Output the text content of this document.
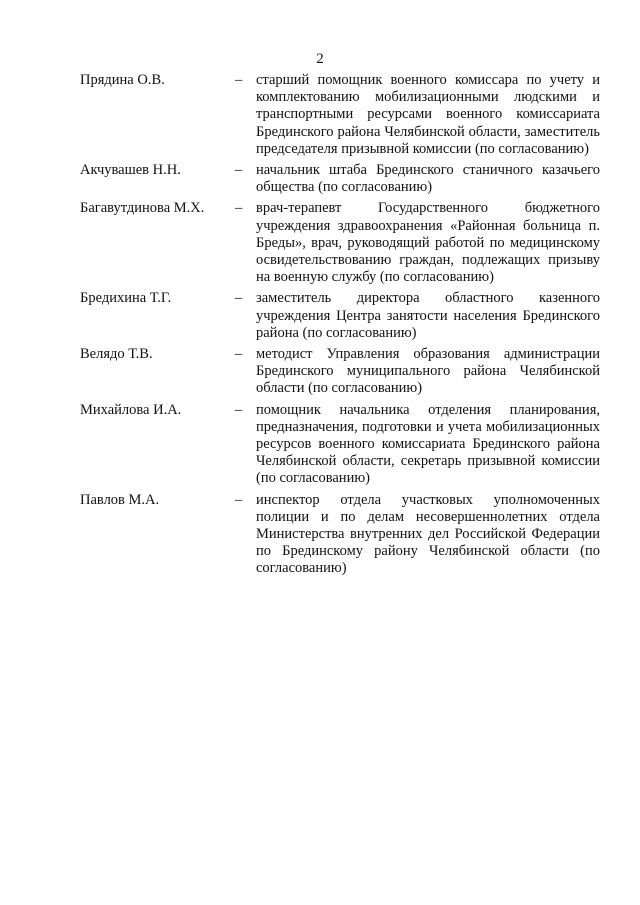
2
Прядина О.В.	– старший помощник военного комиссара по учету и комплектованию мобилизационными людскими и транспортными ресурсами военного комиссариата Брединского района Челябинской области, заместитель председателя призывной комиссии (по согласованию)
Акчувашев Н.Н.	– начальник штаба Брединского станичного казачьего общества (по согласованию)
Багавутдинова М.Х.	– врач-терапевт Государственного бюджетного учреждения здравоохранения «Районная больница п. Бреды», врач, руководящий работой по медицинскому освидетельствованию граждан, подлежащих призыву на военную службу (по согласованию)
Бредихина Т.Г.	– заместитель директора областного казенного учреждения Центра занятости населения Брединского района (по согласованию)
Велядо Т.В.	– методист Управления образования администрации Брединского муниципального района Челябинской области (по согласованию)
Михайлова И.А.	– помощник начальника отделения планирования, предназначения, подготовки и учета мобилизационных ресурсов военного комиссариата Брединского района Челябинской области, секретарь призывной комиссии (по согласованию)
Павлов М.А.	– инспектор отдела участковых уполномоченных полиции и по делам несовершеннолетних отдела Министерства внутренних дел Российской Федерации по Брединскому району Челябинской области (по согласованию)
